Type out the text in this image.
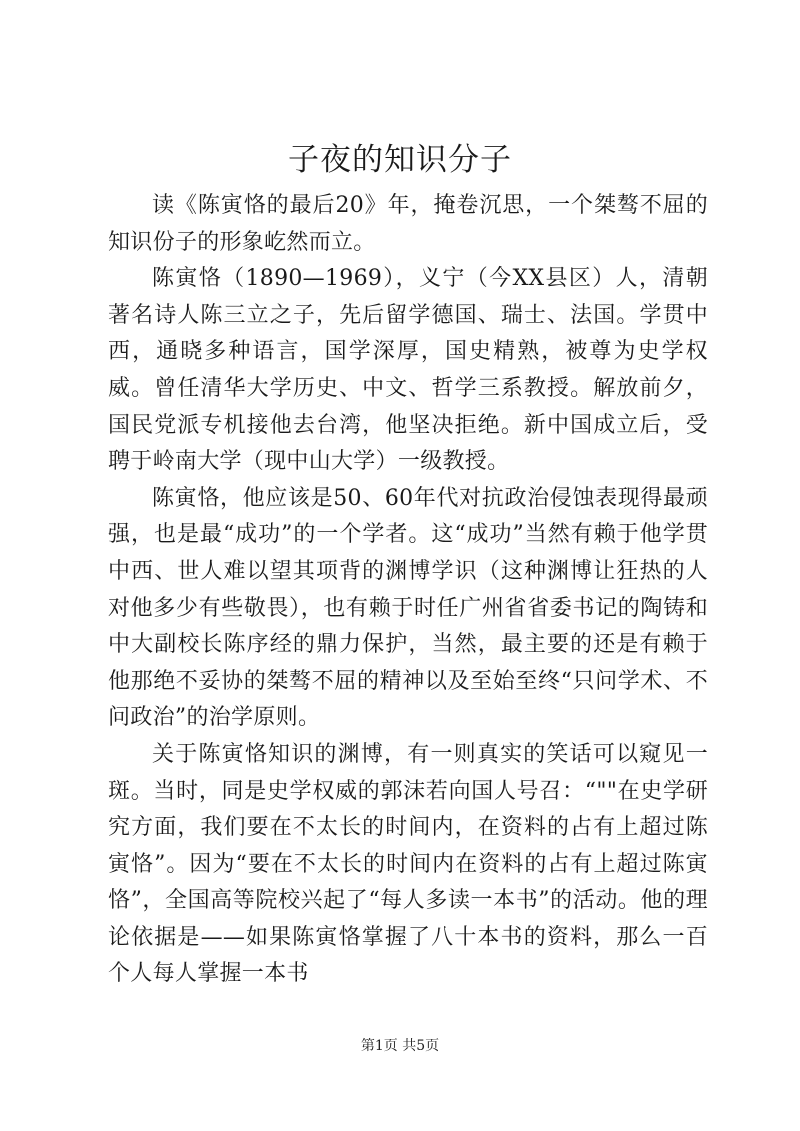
子夜的知识分子

读《陈寅恪的最后20》年，掩卷沉思，一个桀骜不屈的知识份子的形象屹然而立。

陈寅恪（1890—1969），义宁（今XX县区）人，清朝著名诗人陈三立之子，先后留学德国、瑞士、法国。学贯中西，通晓多种语言，国学深厚，国史精熟，被尊为史学权威。曾任清华大学历史、中文、哲学三系教授。解放前夕，国民党派专机接他去台湾，他坚决拒绝。新中国成立后，受聘于岭南大学（现中山大学）一级教授。

陈寅恪，他应该是50、60年代对抗政治侵蚀表现得最顽强，也是最“成功”的一个学者。这“成功”当然有赖于他学贯中西、世人难以望其项背的渊博学识（这种渊博让狂热的人对他多少有些敬畏），也有赖于时任广州省省委书记的陶铸和中大副校长陈序经的鼎力保护，当然，最主要的还是有赖于他那绝不妥协的桀骜不屈的精神以及至始至终“只问学术、不问政治”的治学原则。

关于陈寅恪知识的渊博，有一则真实的笑话可以窥见一斑。当时，同是史学权威的郭沫若向国人号召：“""在史学研究方面，我们要在不太长的时间内，在资料的占有上超过陈寅恪”。因为“要在不太长的时间内在资料的占有上超过陈寅恪”，全国高等院校兴起了“每人多读一本书”的活动。他的理论依据是——如果陈寅恪掌握了八十本书的资料，那么一百个人每人掌握一本书

第1页 共5页
